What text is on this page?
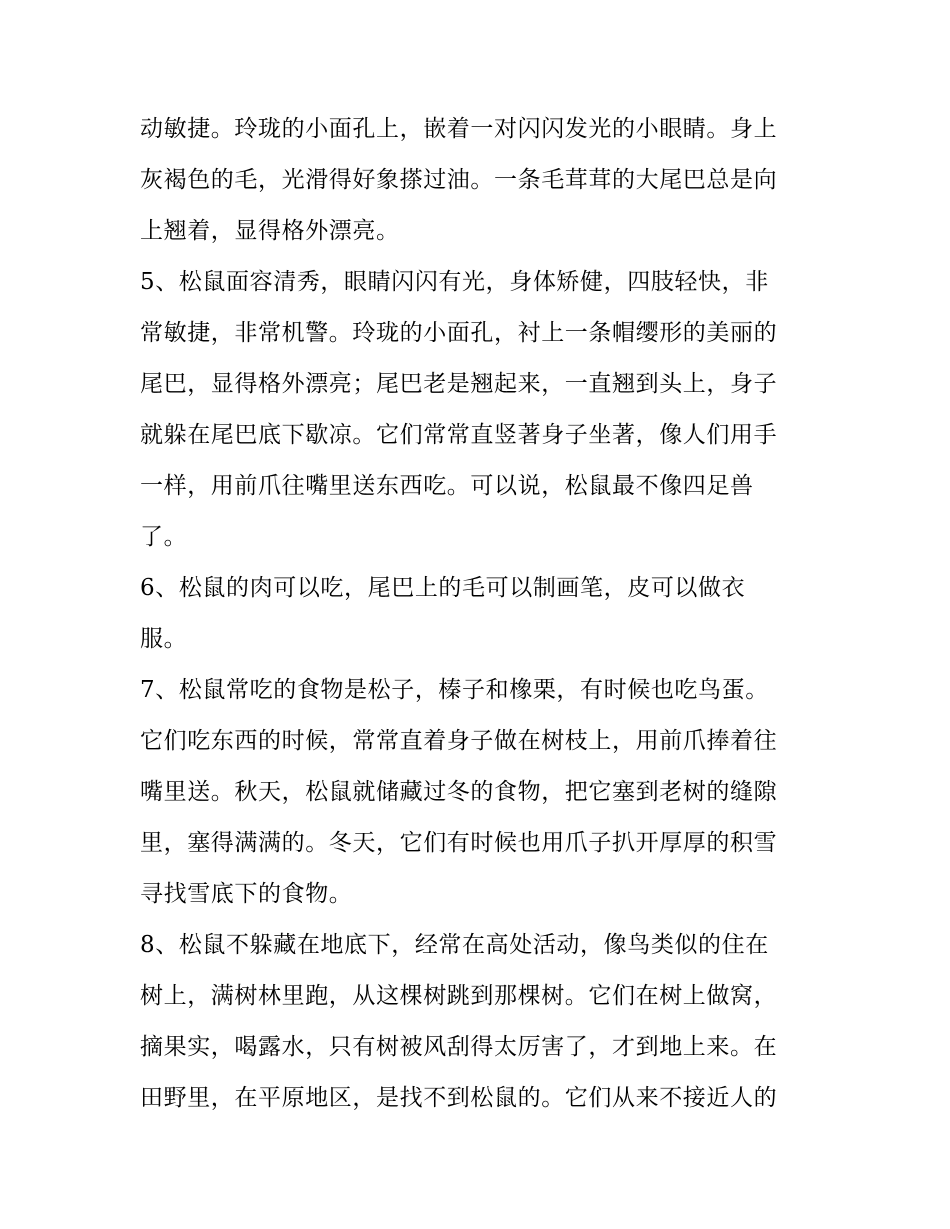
动敏捷。玲珑的小面孔上，嵌着一对闪闪发光的小眼睛。身上
灰褐色的毛，光滑得好象搽过油。一条毛茸茸的大尾巴总是向
上翘着，显得格外漂亮。
5、松鼠面容清秀，眼睛闪闪有光，身体矫健，四肢轻快，非
常敏捷，非常机警。玲珑的小面孔，衬上一条帽缨形的美丽的
尾巴，显得格外漂亮；尾巴老是翘起来，一直翘到头上，身子
就躲在尾巴底下歇凉。它们常常直竖著身子坐著，像人们用手
一样，用前爪往嘴里送东西吃。可以说，松鼠最不像四足兽
了。
6、松鼠的肉可以吃，尾巴上的毛可以制画笔，皮可以做衣
服。
7、松鼠常吃的食物是松子，榛子和橡栗，有时候也吃鸟蛋。
它们吃东西的时候，常常直着身子做在树枝上，用前爪捧着往
嘴里送。秋天，松鼠就储藏过冬的食物，把它塞到老树的缝隙
里，塞得满满的。冬天，它们有时候也用爪子扒开厚厚的积雪
寻找雪底下的食物。
8、松鼠不躲藏在地底下，经常在高处活动，像鸟类似的住在
树上，满树林里跑，从这棵树跳到那棵树。它们在树上做窝，
摘果实，喝露水，只有树被风刮得太厉害了，才到地上来。在
田野里，在平原地区，是找不到松鼠的。它们从来不接近人的
